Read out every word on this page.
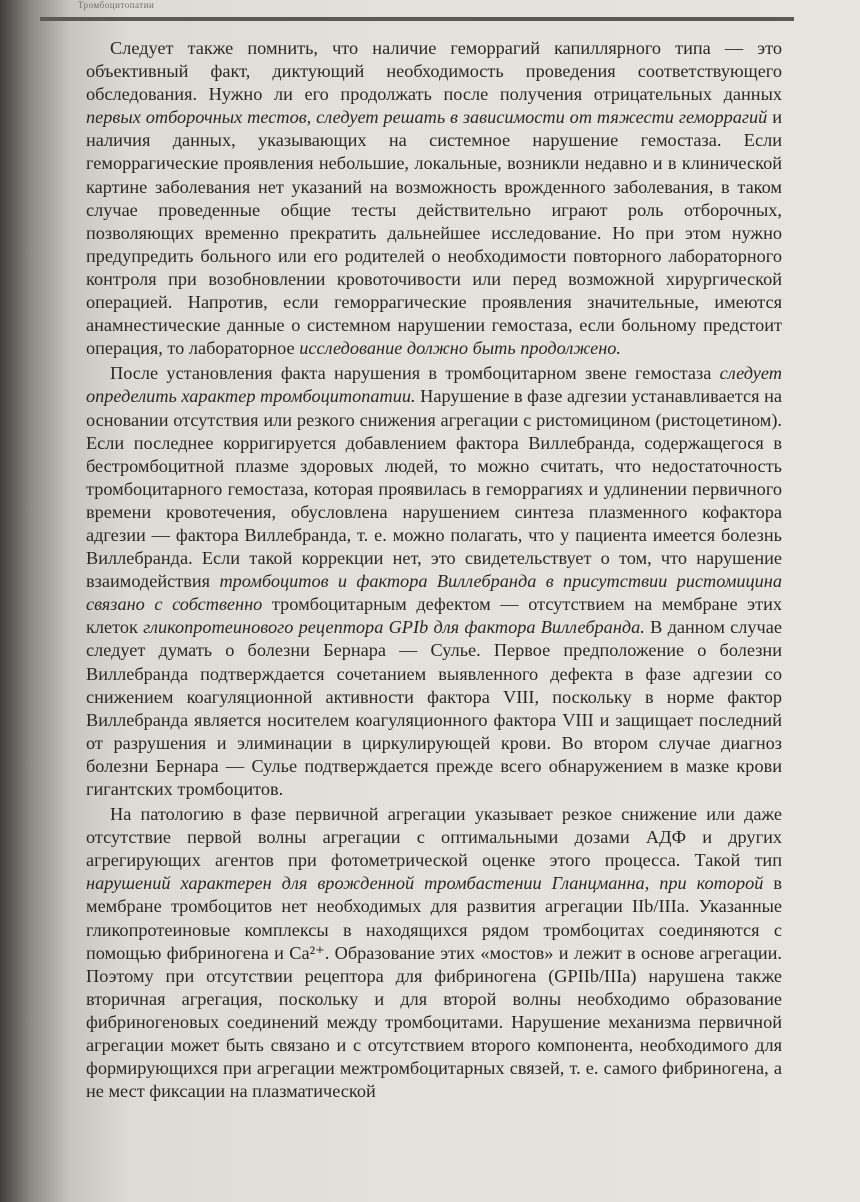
Тромбоцитопатии

Следует также помнить, что наличие геморрагий капиллярного типа — это объективный факт, диктующий необходимость проведения соответствующего обследования. Нужно ли его продолжать после получения отрицательных данных первых отборочных тестов, следует решать в зависимости от тяжести геморрагий и наличия данных, указывающих на системное нарушение гемостаза. Если геморрагические проявления небольшие, локальные, возникли недавно и в клинической картине заболевания нет указаний на возможность врожденного заболевания, в таком случае проведенные общие тесты действительно играют роль отборочных, позволяющих временно прекратить дальнейшее исследование. Но при этом нужно предупредить больного или его родителей о необходимости повторного лабораторного контроля при возобновлении кровоточивости или перед возможной хирургической операцией. Напротив, если геморрагические проявления значительные, имеются анамнестические данные о системном нарушении гемостаза, если больному предстоит операция, то лабораторное исследование должно быть продолжено.

После установления факта нарушения в тромбоцитарном звене гемостаза следует определить характер тромбоцитопатии. Нарушение в фазе адгезии устанавливается на основании отсутствия или резкого снижения агрегации с ристомицином (ристоцетином). Если последнее корригируется добавлением фактора Виллебранда, содержащегося в бестромбоцитной плазме здоровых людей, то можно считать, что недостаточность тромбоцитарного гемостаза, которая проявилась в геморрагиях и удлинении первичного времени кровотечения, обусловлена нарушением синтеза плазменного кофактора адгезии — фактора Виллебранда, т. е. можно полагать, что у пациента имеется болезнь Виллебранда. Если такой коррекции нет, это свидетельствует о том, что нарушение взаимодействия тромбоцитов и фактора Виллебранда в присутствии ристомицина связано с собственно тромбоцитарным дефектом — отсутствием на мембране этих клеток гликопротеинового рецептора GPIb для фактора Виллебранда. В данном случае следует думать о болезни Бернара — Сулье. Первое предположение о болезни Виллебранда подтверждается сочетанием выявленного дефекта в фазе адгезии со снижением коагуляционной активности фактора VIII, поскольку в норме фактор Виллебранда является носителем коагуляционного фактора VIII и защищает последний от разрушения и элиминации в циркулирующей крови. Во втором случае диагноз болезни Бернара — Сулье подтверждается прежде всего обнаружением в мазке крови гигантских тромбоцитов.

На патологию в фазе первичной агрегации указывает резкое снижение или даже отсутствие первой волны агрегации с оптимальными дозами АДФ и других агрегирующих агентов при фотометрической оценке этого процесса. Такой тип нарушений характерен для врожденной тромбастении Гланцманна, при которой в мембране тромбоцитов нет необходимых для развития агрегации IIb/IIIa. Указанные гликопротеиновые комплексы в находящихся рядом тромбоцитах соединяются с помощью фибриногена и Ca²⁺. Образование этих «мостов» и лежит в основе агрегации. Поэтому при отсутствии рецептора для фибриногена (GPIIb/IIIa) нарушена также вторичная агрегация, поскольку и для второй волны необходимо образование фибриногеновых соединений между тромбоцитами. Нарушение механизма первичной агрегации может быть связано и с отсутствием второго компонента, необходимого для формирующихся при агрегации межтромбоцитарных связей, т. е. самого фибриногена, а не мест фиксации на плазматической
